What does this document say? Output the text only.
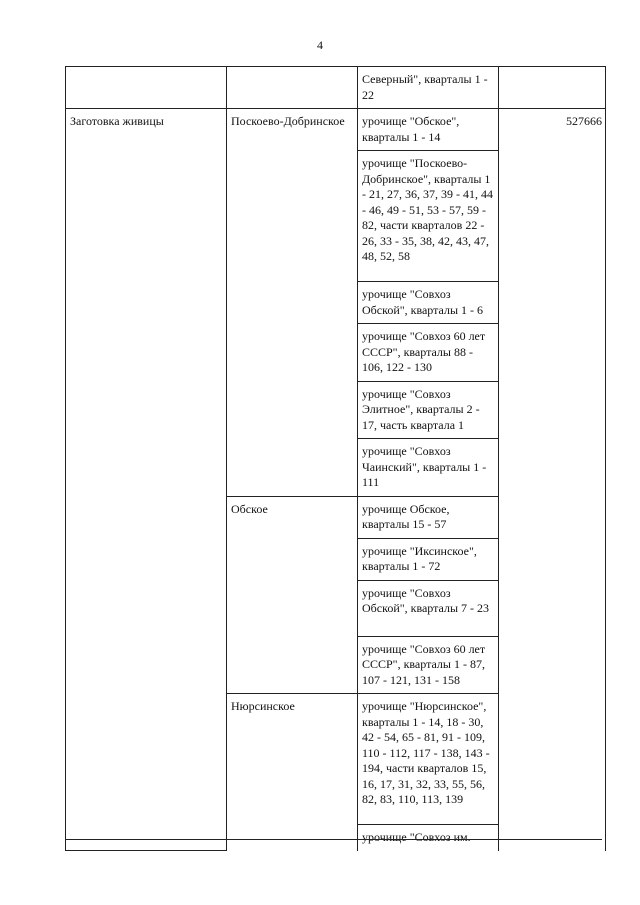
4
		Северный", кварталы 1 - 22	
Заготовка живицы	Поскоево-Добринское	урочище "Обское", кварталы 1 - 14	527666
		урочище "Поскоево-Добринское", кварталы 1 - 21, 27, 36, 37, 39 - 41, 44 - 46, 49 - 51, 53 - 57, 59 - 82, части кварталов 22 - 26, 33 - 35, 38, 42, 43, 47, 48, 52, 58	
		урочище "Совхоз Обской", кварталы 1 - 6	
		урочище "Совхоз 60 лет СССР", кварталы 88 - 106, 122 - 130	
		урочище "Совхоз Элитное", кварталы 2 - 17, часть квартала 1	
		урочище "Совхоз Чаинский", кварталы 1 - 111	
	Обское	урочище Обское, кварталы 15 - 57	
		урочище "Иксинское", кварталы 1 - 72	
		урочище "Совхоз Обской", кварталы 7 - 23	
		урочище "Совхоз 60 лет СССР", кварталы 1 - 87, 107 - 121, 131 - 158	
	Нюрсинское	урочище "Нюрсинское", кварталы 1 - 14, 18 - 30, 42 - 54, 65 - 81, 91 - 109, 110 - 112, 117 - 138, 143 - 194, части кварталов 15, 16, 17, 31, 32, 33, 55, 56, 82, 83, 110, 113, 139	
		урочище "Совхоз им.	
